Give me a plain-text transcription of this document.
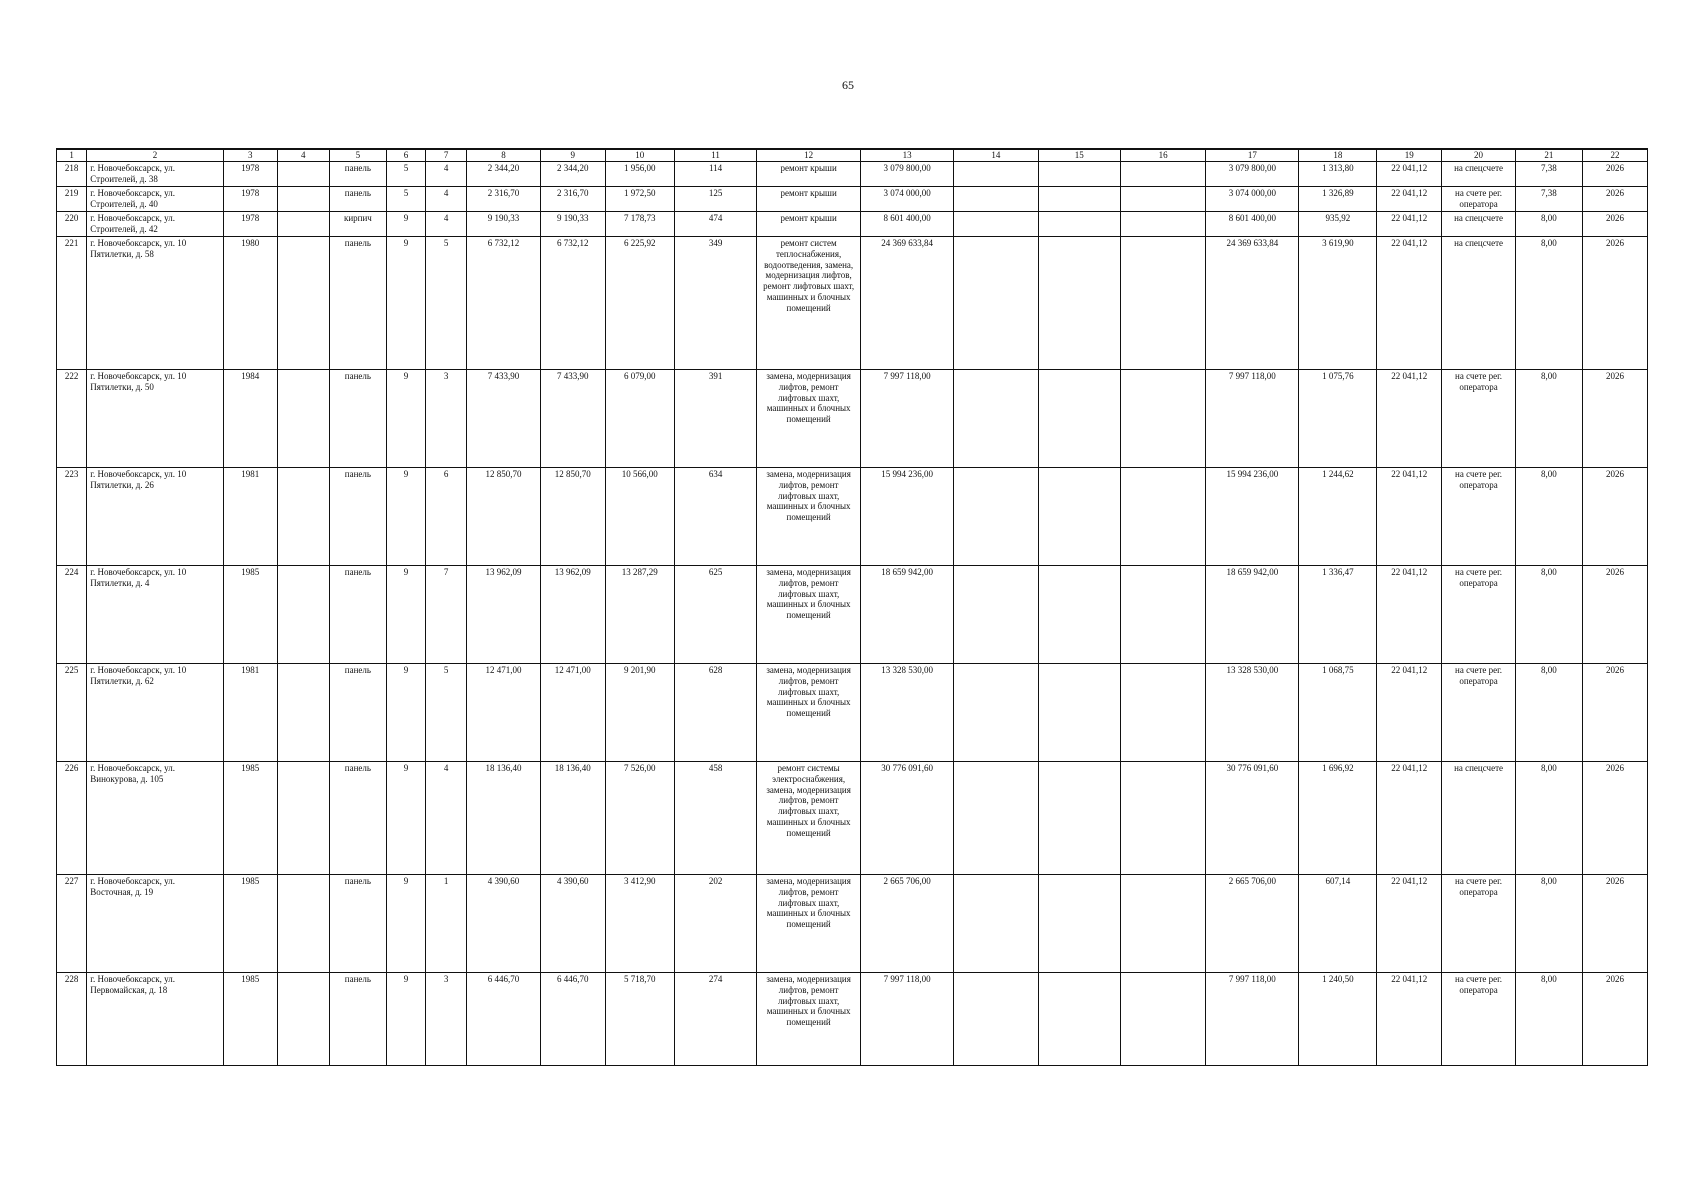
65
1	2	3	4	5	6	7	8	9	10	11	12	13	14	15	16	17	18	19	20	21	22
218	г. Новочебоксарск, ул. Строителей, д. 38	1978		панель	5	4	2 344,20	2 344,20	1 956,00	114	ремонт крыши	3 079 800,00				3 079 800,00	1 313,80	22 041,12	на спецсчете	7,38	2026
219	г. Новочебоксарск, ул. Строителей, д. 40	1978		панель	5	4	2 316,70	2 316,70	1 972,50	125	ремонт крыши	3 074 000,00				3 074 000,00	1 326,89	22 041,12	на счете рег. оператора	7,38	2026
220	г. Новочебоксарск, ул. Строителей, д. 42	1978		кирпич	9	4	9 190,33	9 190,33	7 178,73	474	ремонт крыши	8 601 400,00				8 601 400,00	935,92	22 041,12	на спецсчете	8,00	2026
221	г. Новочебоксарск, ул. 10 Пятилетки, д. 58	1980		панель	9	5	6 732,12	6 732,12	6 225,92	349	ремонт систем теплоснабжения, водоотведения, замена, модернизация лифтов, ремонт лифтовых шахт, машинных и блочных помещений	24 369 633,84				24 369 633,84	3 619,90	22 041,12	на спецсчете	8,00	2026
222	г. Новочебоксарск, ул. 10 Пятилетки, д. 50	1984		панель	9	3	7 433,90	7 433,90	6 079,00	391	замена, модернизация лифтов, ремонт лифтовых шахт, машинных и блочных помещений	7 997 118,00				7 997 118,00	1 075,76	22 041,12	на счете рег. оператора	8,00	2026
223	г. Новочебоксарск, ул. 10 Пятилетки, д. 26	1981		панель	9	6	12 850,70	12 850,70	10 566,00	634	замена, модернизация лифтов, ремонт лифтовых шахт, машинных и блочных помещений	15 994 236,00				15 994 236,00	1 244,62	22 041,12	на счете рег. оператора	8,00	2026
224	г. Новочебоксарск, ул. 10 Пятилетки, д. 4	1985		панель	9	7	13 962,09	13 962,09	13 287,29	625	замена, модернизация лифтов, ремонт лифтовых шахт, машинных и блочных помещений	18 659 942,00				18 659 942,00	1 336,47	22 041,12	на счете рег. оператора	8,00	2026
225	г. Новочебоксарск, ул. 10 Пятилетки, д. 62	1981		панель	9	5	12 471,00	12 471,00	9 201,90	628	замена, модернизация лифтов, ремонт лифтовых шахт, машинных и блочных помещений	13 328 530,00				13 328 530,00	1 068,75	22 041,12	на счете рег. оператора	8,00	2026
226	г. Новочебоксарск, ул. Винокурова, д. 105	1985		панель	9	4	18 136,40	18 136,40	7 526,00	458	ремонт системы электроснабжения, замена, модернизация лифтов, ремонт лифтовых шахт, машинных и блочных помещений	30 776 091,60				30 776 091,60	1 696,92	22 041,12	на спецсчете	8,00	2026
227	г. Новочебоксарск, ул. Восточная, д. 19	1985		панель	9	1	4 390,60	4 390,60	3 412,90	202	замена, модернизация лифтов, ремонт лифтовых шахт, машинных и блочных помещений	2 665 706,00				2 665 706,00	607,14	22 041,12	на счете рег. оператора	8,00	2026
228	г. Новочебоксарск, ул. Первомайская, д. 18	1985		панель	9	3	6 446,70	6 446,70	5 718,70	274	замена, модернизация лифтов, ремонт лифтовых шахт, машинных и блочных помещений	7 997 118,00				7 997 118,00	1 240,50	22 041,12	на счете рег. оператора	8,00	2026
